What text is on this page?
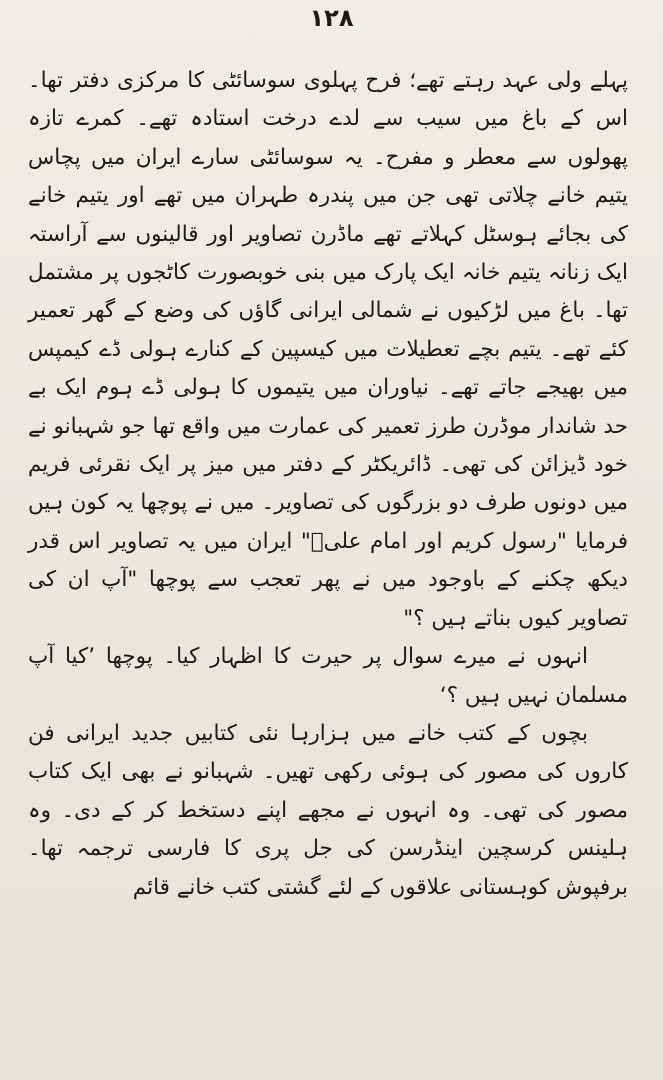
۱۲۸

پہلے ولی عہد رہتے تھے؛ فرح پہلوی سوسائٹی کا مرکزی دفتر تھا۔ اس کے باغ میں سیب سے لدے درخت استادہ تھے۔ کمرے تازہ پھولوں سے معطر و مفرح۔ یہ سوسائٹی سارے ایران میں پچاس یتیم خانے چلاتی تھی جن میں پندرہ طہران میں تھے اور یتیم خانے کی بجائے ہوسٹل کہلاتے تھے ماڈرن تصاویر اور قالینوں سے آراستہ ایک زنانہ یتیم خانہ ایک پارک میں بنی خوبصورت کاٹجوں پر مشتمل تھا۔ باغ میں لڑکیوں نے شمالی ایرانی گاؤں کی وضع کے گھر تعمیر کئے تھے۔ یتیم بچے تعطیلات میں کیسپین کے کنارے ہولی ڈے کیمپس میں بھیجے جاتے تھے۔ نیاوران میں یتیموں کا ہولی ڈے ہوم ایک بے حد شاندار موڈرن طرز تعمیر کی عمارت میں واقع تھا جو شہبانو نے خود ڈیزائن کی تھی۔ ڈائریکٹر کے دفتر میں میز پر ایک نقرئی فریم میں دونوں طرف دو بزرگوں کی تصاویر۔ میں نے پوچھا یہ کون ہیں فرمایا "رسول کریم اور امام علیؑ" ایران میں یہ تصاویر اس قدر دیکھ چکنے کے باوجود میں نے پھر تعجب سے پوچھا "آپ ان کی تصاویر کیوں بناتے ہیں ؟"

انہوں نے میرے سوال پر حیرت کا اظہار کیا۔ پوچھا ’کیا آپ مسلمان نہیں ہیں ؟‘

بچوں کے کتب خانے میں ہزارہا نئی کتابیں جدید ایرانی فن کاروں کی مصور کی ہوئی رکھی تھیں۔ شہبانو نے بھی ایک کتاب مصور کی تھی۔ وہ انہوں نے مجھے اپنے دستخط کر کے دی۔ وہ ہلینس کرسچین اینڈرسن کی جل پری کا فارسی ترجمہ تھا۔ برفپوش کوہستانی علاقوں کے لئے گشتی کتب خانے قائم
